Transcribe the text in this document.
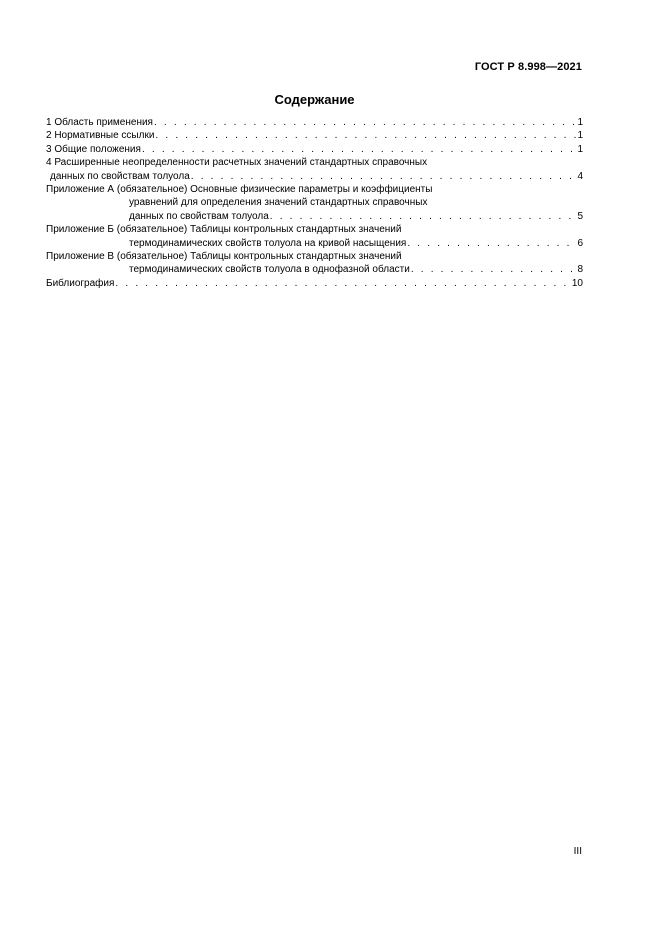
ГОСТ Р 8.998—2021
Содержание
1 Область применения . . .	1
2 Нормативные ссылки . . .	1
3 Общие положения . . .	1
4 Расширенные неопределенности расчетных значений стандартных справочных
данных по свойствам толуола . . .	4
Приложение А (обязательное) Основные физические параметры и коэффициенты
уравнений для определения значений стандартных справочных
данных по свойствам толуола . . .	5
Приложение Б (обязательное) Таблицы контрольных стандартных значений
термодинамических свойств толуола на кривой насыщения . . .	6
Приложение В (обязательное) Таблицы контрольных стандартных значений
термодинамических свойств толуола в однофазной области . . .	8
Библиография . . .	10
III
